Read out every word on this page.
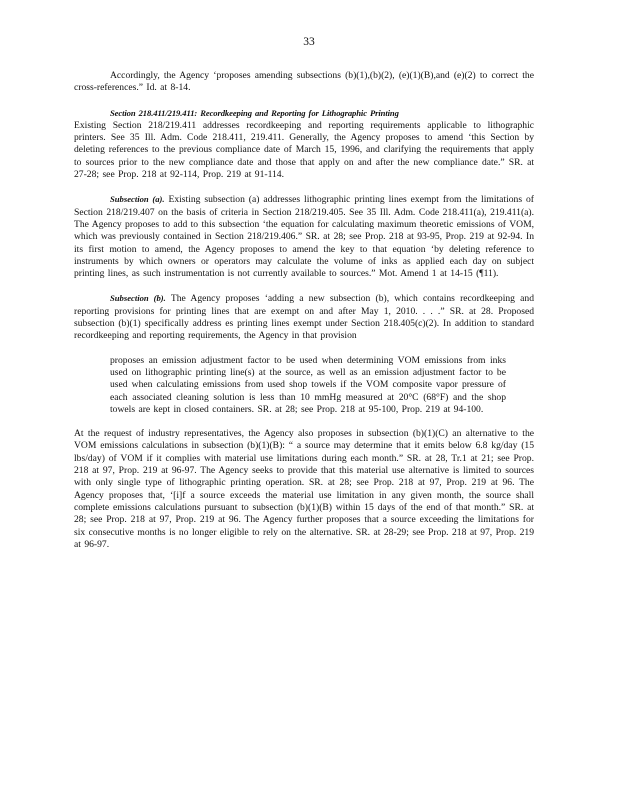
33

Accordingly, the Agency ‘proposes amending subsections (b)(1),(b)(2), (e)(1)(B),and (e)(2) to correct the cross-references.” Id. at 8-14.

Section 218.411/219.411: Recordkeeping and Reporting for Lithographic Printing

Existing Section 218/219.411 addresses recordkeeping and reporting requirements applicable to lithographic printers. See 35 Ill. Adm. Code 218.411, 219.411. Generally, the Agency proposes to amend ‘this Section by deleting references to the previous compliance date of March 15, 1996, and clarifying the requirements that apply to sources prior to the new compliance date and those that apply on and after the new compliance date.” SR. at 27-28; see Prop. 218 at 92-114, Prop. 219 at 91-114.

Subsection (a). Existing subsection (a) addresses lithographic printing lines exempt from the limitations of Section 218/219.407 on the basis of criteria in Section 218/219.405. See 35 Ill. Adm. Code 218.411(a), 219.411(a). The Agency proposes to add to this subsection ‘the equation for calculating maximum theoretic emissions of VOM, which was previously contained in Section 218/219.406.” SR. at 28; see Prop. 218 at 93-95, Prop. 219 at 92-94. In its first motion to amend, the Agency proposes to amend the key to that equation ‘by deleting reference to instruments by which owners or operators may calculate the volume of inks as applied each day on subject printing lines, as such instrumentation is not currently available to sources.” Mot. Amend 1 at 14-15 (¶11).

Subsection (b). The Agency proposes ‘adding a new subsection (b), which contains recordkeeping and reporting provisions for printing lines that are exempt on and after May 1, 2010. . . .” SR. at 28. Proposed subsection (b)(1) specifically address es printing lines exempt under Section 218.405(c)(2). In addition to standard recordkeeping and reporting requirements, the Agency in that provision

proposes an emission adjustment factor to be used when determining VOM emissions from inks used on lithographic printing line(s) at the source, as well as an emission adjustment factor to be used when calculating emissions from used shop towels if the VOM composite vapor pressure of each associated cleaning solution is less than 10 mmHg measured at 20°C (68°F) and the shop towels are kept in closed containers. SR. at 28; see Prop. 218 at 95-100, Prop. 219 at 94-100.

At the request of industry representatives, the Agency also proposes in subsection (b)(1)(C) an alternative to the VOM emissions calculations in subsection (b)(1)(B): “ a source may determine that it emits below 6.8 kg/day (15 lbs/day) of VOM if it complies with material use limitations during each month.” SR. at 28, Tr.1 at 21; see Prop. 218 at 97, Prop. 219 at 96-97. The Agency seeks to provide that this material use alternative is limited to sources with only single type of lithographic printing operation. SR. at 28; see Prop. 218 at 97, Prop. 219 at 96. The Agency proposes that, ‘[i]f a source exceeds the material use limitation in any given month, the source shall complete emissions calculations pursuant to subsection (b)(1)(B) within 15 days of the end of that month.” SR. at 28; see Prop. 218 at 97, Prop. 219 at 96. The Agency further proposes that a source exceeding the limitations for six consecutive months is no longer eligible to rely on the alternative. SR. at 28-29; see Prop. 218 at 97, Prop. 219 at 96-97.
